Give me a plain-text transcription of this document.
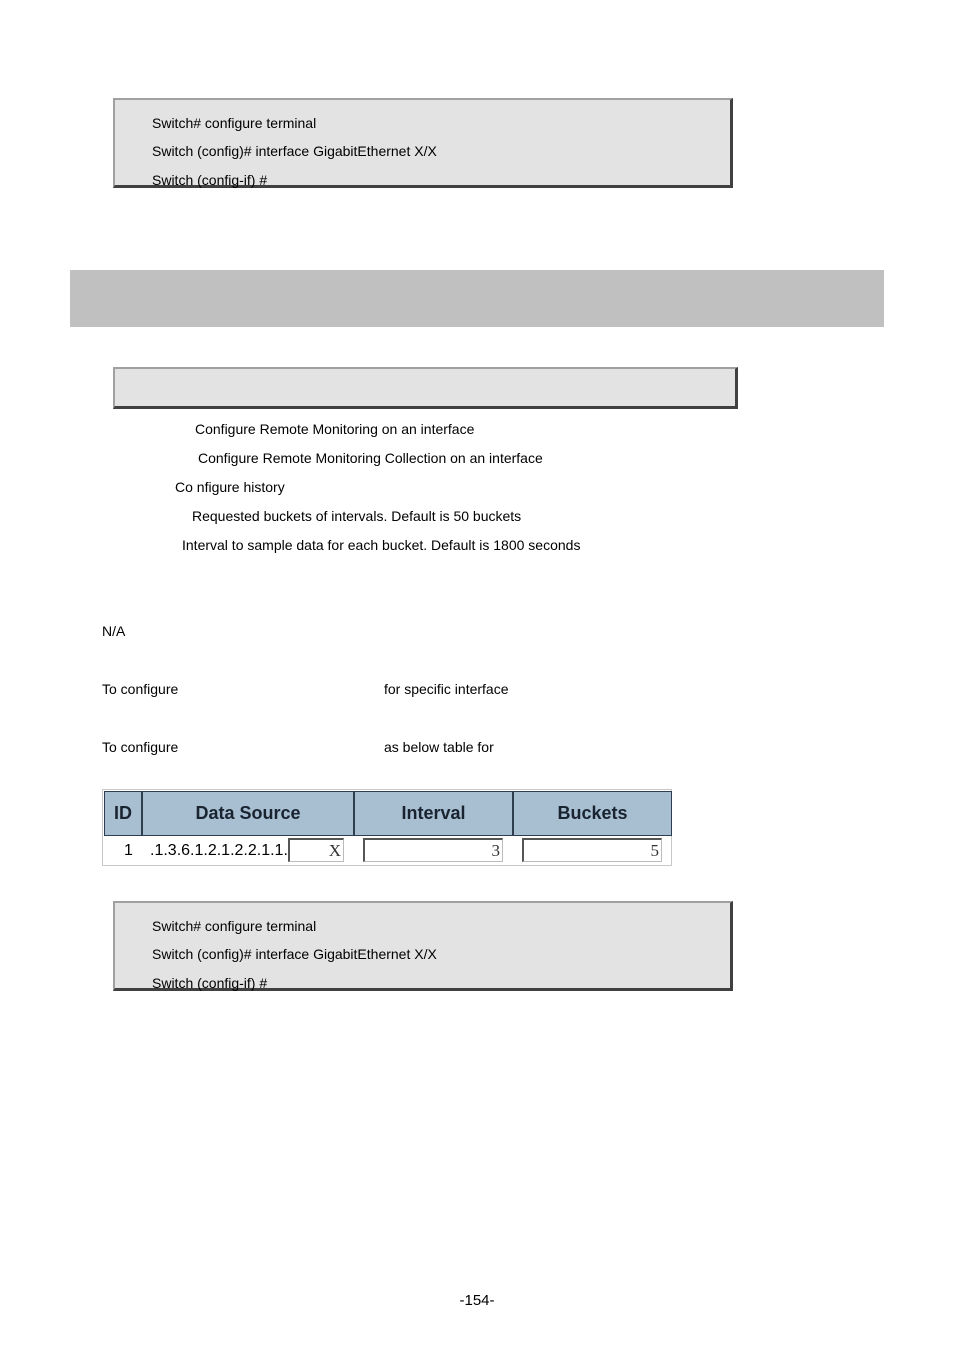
Switch# configure terminal
Switch (config)# interface GigabitEthernet X/X
Switch (config-if) #
Configure Remote Monitoring on an interface
Configure Remote Monitoring Collection on an interface
Co nfigure history
Requested buckets of intervals. Default is 50 buckets
Interval to sample data for each bucket. Default is 1800 seconds
N/A
To configure	for specific interface
To configure	as below table for
ID	Data Source	Interval	Buckets
1 .1.3.6.1.2.1.2.2.1.1.	X	3	5
Switch# configure terminal
Switch (config)# interface GigabitEthernet X/X
Switch (config-if) #
-154-
